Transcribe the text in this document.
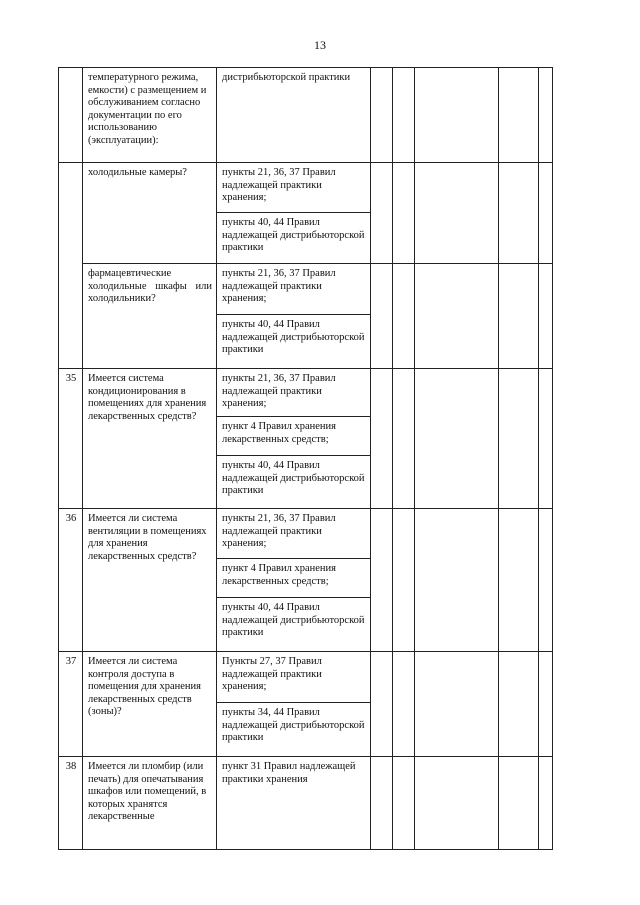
13
	температурного режима, емкости) с размещением и обслуживанием согласно документации по его использованию (эксплуатации):	дистрибьюторской практики					
	холодильные камеры?	пункты 21, 36, 37 Правил надлежащей практики хранения;					
		пункты 40, 44 Правил надлежащей дистрибьюторской практики					
	фармацевтические холодильные шкафы или холодильники?	пункты 21, 36, 37 Правил надлежащей практики хранения;					
		пункты 40, 44 Правил надлежащей дистрибьюторской практики					
35	Имеется система кондиционирования в помещениях для хранения лекарственных средств?	пункты 21, 36, 37 Правил надлежащей практики хранения;					
		пункт 4 Правил хранения лекарственных средств;					
		пункты 40, 44 Правил надлежащей дистрибьюторской практики					
36	Имеется ли система вентиляции в помещениях для хранения лекарственных средств?	пункты 21, 36, 37 Правил надлежащей практики хранения;					
		пункт 4 Правил хранения лекарственных средств;					
		пункты 40, 44 Правил надлежащей дистрибьюторской практики					
37	Имеется ли система контроля доступа в помещения для хранения лекарственных средств (зоны)?	Пункты 27, 37 Правил надлежащей практики хранения;					
		пункты 34, 44 Правил надлежащей дистрибьюторской практики					
38	Имеется ли пломбир (или печать) для опечатывания шкафов или помещений, в которых хранятся лекарственные	пункт 31 Правил надлежащей практики хранения					
